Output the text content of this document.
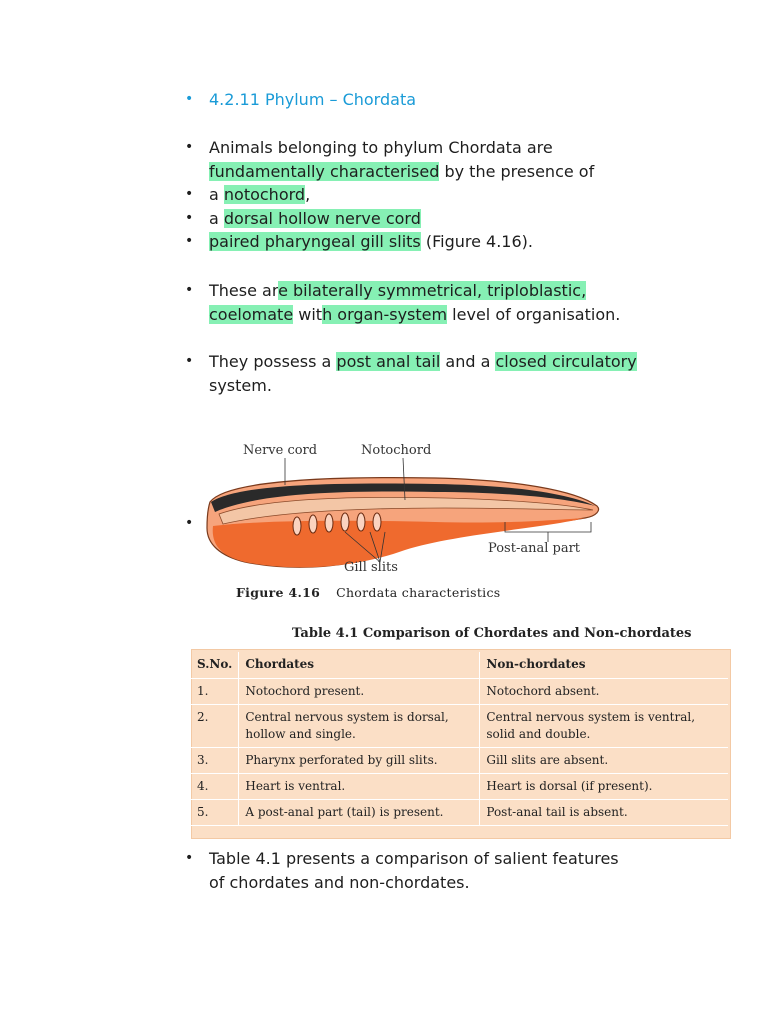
• 4.2.11 Phylum – Chordata
• Animals belonging to phylum Chordata are
fundamentally characterised by the presence of
• a notochord,
• a dorsal hollow nerve cord
• paired pharyngeal gill slits (Figure 4.16).
• These are bilaterally symmetrical, triploblastic,
coelomate with organ-system level of organisation.
• They possess a post anal tail and a closed circulatory
system.
•
Nerve cord	Notochord
Post-anal part
Gill slits
Figure 4.16 Chordata characteristics
Table 4.1 Comparison of Chordates and Non-chordates
S.No.	Chordates	Non-chordates
1.	Notochord present.	Notochord absent.
2.	Central nervous system is dorsal, hollow and single.	Central nervous system is ventral, solid and double.
3.	Pharynx perforated by gill slits.	Gill slits are absent.
4.	Heart is ventral.	Heart is dorsal (if present).
5.	A post-anal part (tail) is present.	Post-anal tail is absent.
• Table 4.1 presents a comparison of salient features
of chordates and non-chordates.
